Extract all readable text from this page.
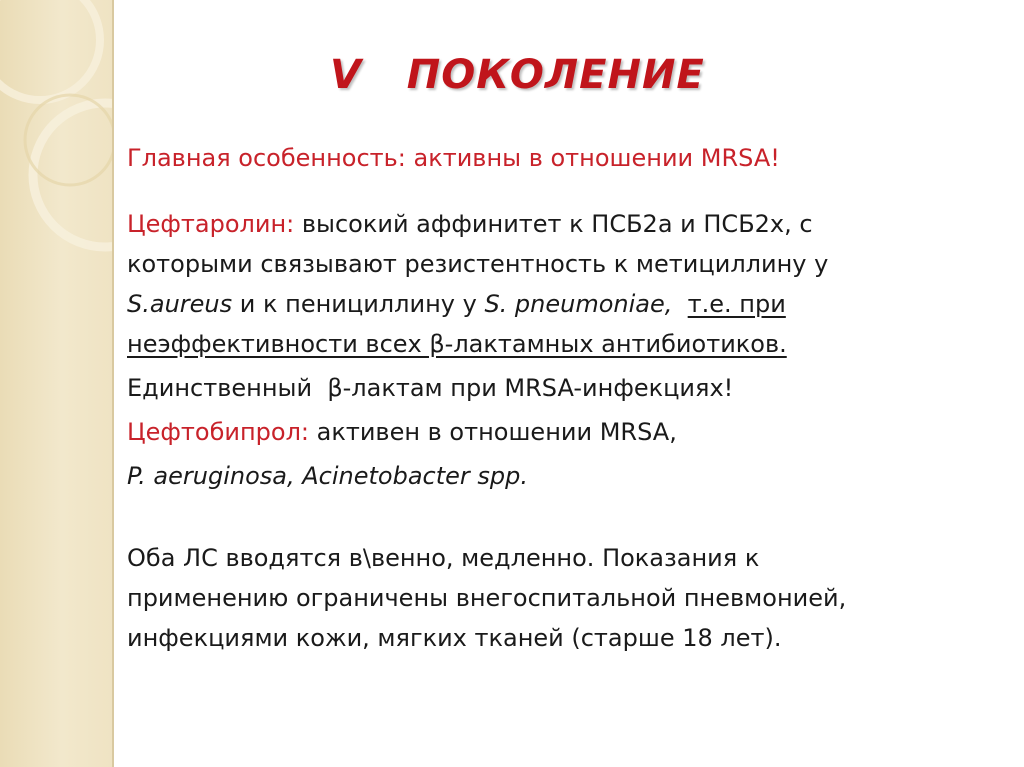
V   ПОКОЛЕНИЕ
Главная особенность: активны в отношении MRSA!
Цефтаролин: высокий аффинитет к ПСБ2а и ПСБ2х, с
которыми связывают резистентность к метициллину у
S.aureus и к пенициллину у S. pneumoniae, т.е. при
неэффективности всех β-лактамных антибиотиков.
Единственный  β-лактам при MRSA-инфекциях!
Цефтобипрол: активен в отношении MRSA,
P. aeruginosa, Acinetobacter spp.
Оба ЛС вводятся в\венно, медленно. Показания к
применению ограничены внегоспитальной пневмонией,
инфекциями кожи, мягких тканей (старше 18 лет).
